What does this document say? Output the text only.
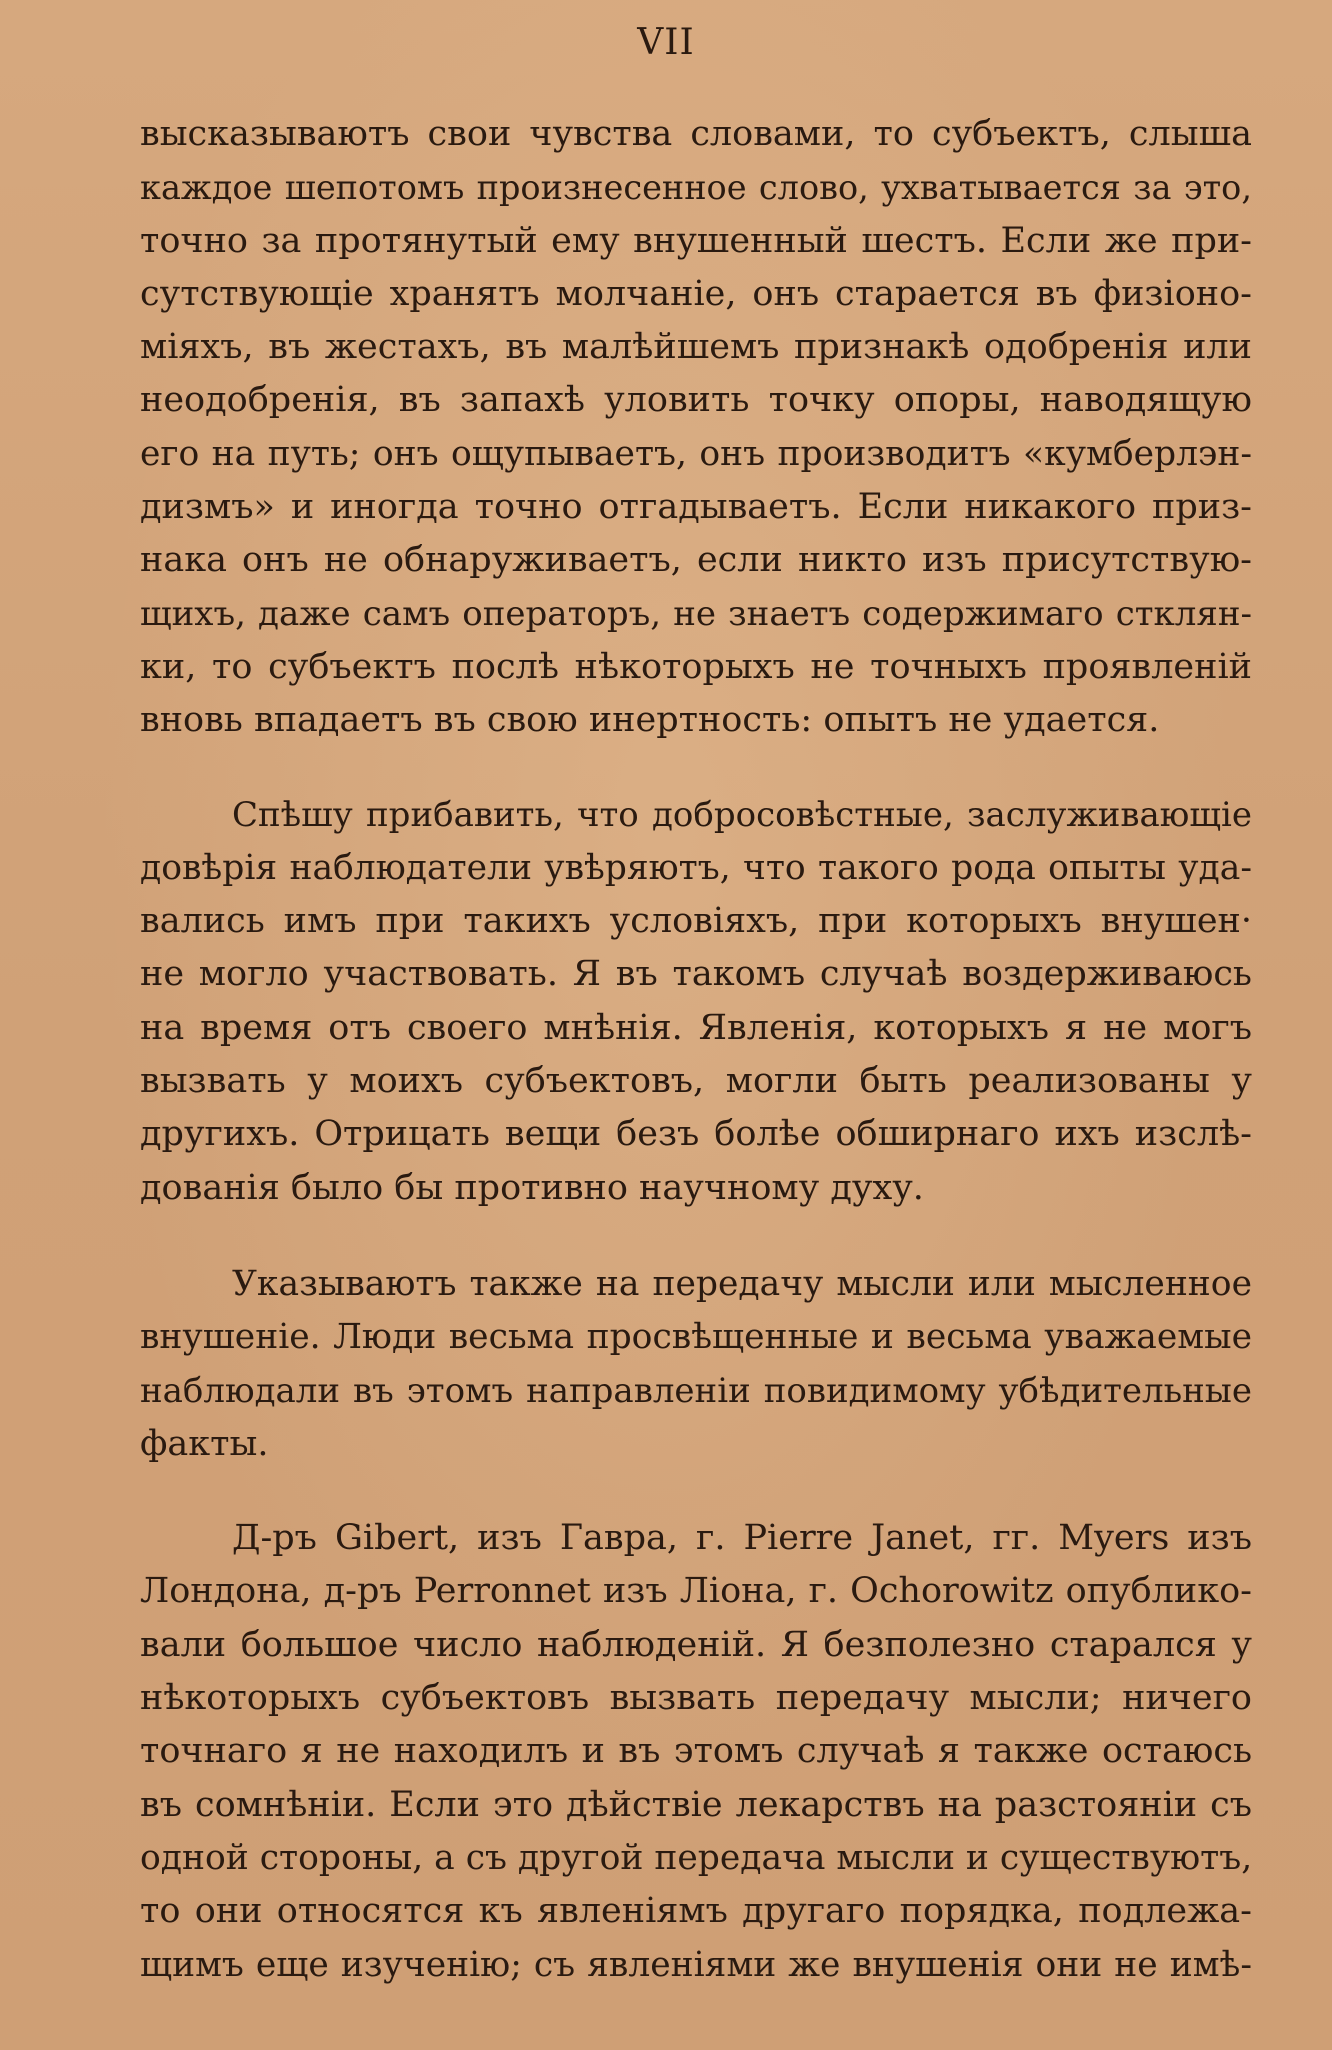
VII

высказываютъ свои чувства словами, то субъектъ, слыша
каждое шепотомъ произнесенное слово, ухватывается за это,
точно за протянутый ему внушенный шестъ. Если же при-
сутствующіе хранятъ молчаніе, онъ старается въ физіоно-
міяхъ, въ жестахъ, въ малѣйшемъ признакѣ одобренія или
неодобренія, въ запахѣ уловить точку опоры, наводящую
его на путь; онъ ощупываетъ, онъ производитъ «кумберлэн-
дизмъ» и иногда точно отгадываетъ. Если никакого приз-
нака онъ не обнаруживаетъ, если никто изъ присутствую-
щихъ, даже самъ операторъ, не знаетъ содержимаго стклян-
ки, то субъектъ послѣ нѣкоторыхъ не точныхъ проявленій
вновь впадаетъ въ свою инертность: опытъ не удается.

Спѣшу прибавить, что добросовѣстные, заслуживающіе
довѣрія наблюдатели увѣряютъ, что такого рода опыты уда-
вались имъ при такихъ условіяхъ, при которыхъ внушен·
не могло участвовать. Я въ такомъ случаѣ воздерживаюсь
на время отъ своего мнѣнія. Явленія, которыхъ я не могъ
вызвать у моихъ субъектовъ, могли быть реализованы у
другихъ. Отрицать вещи безъ болѣе обширнаго ихъ изслѣ-
дованія было бы противно научному духу.

Указываютъ также на передачу мысли или мысленное
внушеніе. Люди весьма просвѣщенные и весьма уважаемые
наблюдали въ этомъ направленіи повидимому убѣдительные
факты.

Д-ръ Gibert, изъ Гавра, г. Pierre Janet, гг. Myers изъ
Лондона, д-ръ Perronnet изъ Ліона, г. Ochorowitz опублико-
вали большое число наблюденій. Я безполезно старался у
нѣкоторыхъ субъектовъ вызвать передачу мысли; ничего
точнаго я не находилъ и въ этомъ случаѣ я также остаюсь
въ сомнѣніи. Если это дѣйствіе лекарствъ на разстояніи съ
одной стороны, а съ другой передача мысли и существуютъ,
то они относятся къ явленіямъ другаго порядка, подлежа-
щимъ еще изученію; съ явленіями же внушенія они не имѣ-
